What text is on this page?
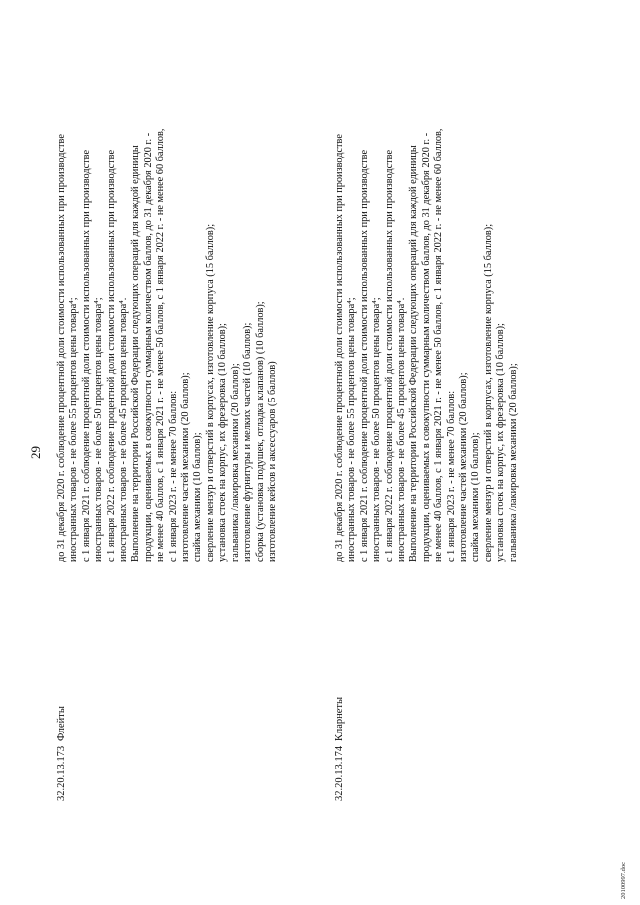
29
32.20.13.173
Флейты
до 31 декабря 2020 г. соблюдение процентной доли стоимости использованных при производстве иностранных товаров - не более 55 процентов цены товара⁴; с 1 января 2021 г. соблюдение процентной доли стоимости использованных при производстве иностранных товаров - не более 50 процентов цены товара⁴; с 1 января 2022 г. соблюдение процентной доли стоимости использованных при производстве иностранных товаров - не более 45 процентов цены товара⁴. Выполнение на территории Российской Федерации следующих операций для каждой единицы продукции, оцениваемых в совокупности суммарным количеством баллов, до 31 декабря 2020 г. - не менее 40 баллов, с 1 января 2021 г. - не менее 50 баллов, с 1 января 2022 г. - не менее 60 баллов, с 1 января 2023 г. - не менее 70 баллов: изготовление частей механики (20 баллов); спайка механики (10 баллов); сверление мензур и отверстий в корпусах, изготовление корпуса (15 баллов); установка стоек на корпус, их фрезеровка (10 баллов); гальваника /лакировка механики (20 баллов); изготовление фурнитуры и мелких частей (10 баллов); сборка (установка подушек, отладка клапанов) (10 баллов); изготовление кейсов и аксессуаров (5 баллов)
32.20.13.174
Кларнеты
до 31 декабря 2020 г. соблюдение процентной доли стоимости использованных при производстве иностранных товаров - не более 55 процентов цены товара⁴; с 1 января 2021 г. соблюдение процентной доли стоимости использованных при производстве иностранных товаров - не более 50 процентов цены товара⁴; с 1 января 2022 г. соблюдение процентной доли стоимости использованных при производстве иностранных товаров - не более 45 процентов цены товара⁴. Выполнение на территории Российской Федерации следующих операций для каждой единицы продукции, оцениваемых в совокупности суммарным количеством баллов, до 31 декабря 2020 г. - не менее 40 баллов, с 1 января 2021 г. - не менее 50 баллов, с 1 января 2022 г. - не менее 60 баллов, с 1 января 2023 г. - не менее 70 баллов: изготовление частей механики (20 баллов); спайка механики (10 баллов); сверление мензур и отверстий в корпусах, изготовление корпуса (15 баллов); установка стоек на корпус, их фрезеровка (10 баллов); гальваника /лакировка механики (20 баллов);
20100997.doc
